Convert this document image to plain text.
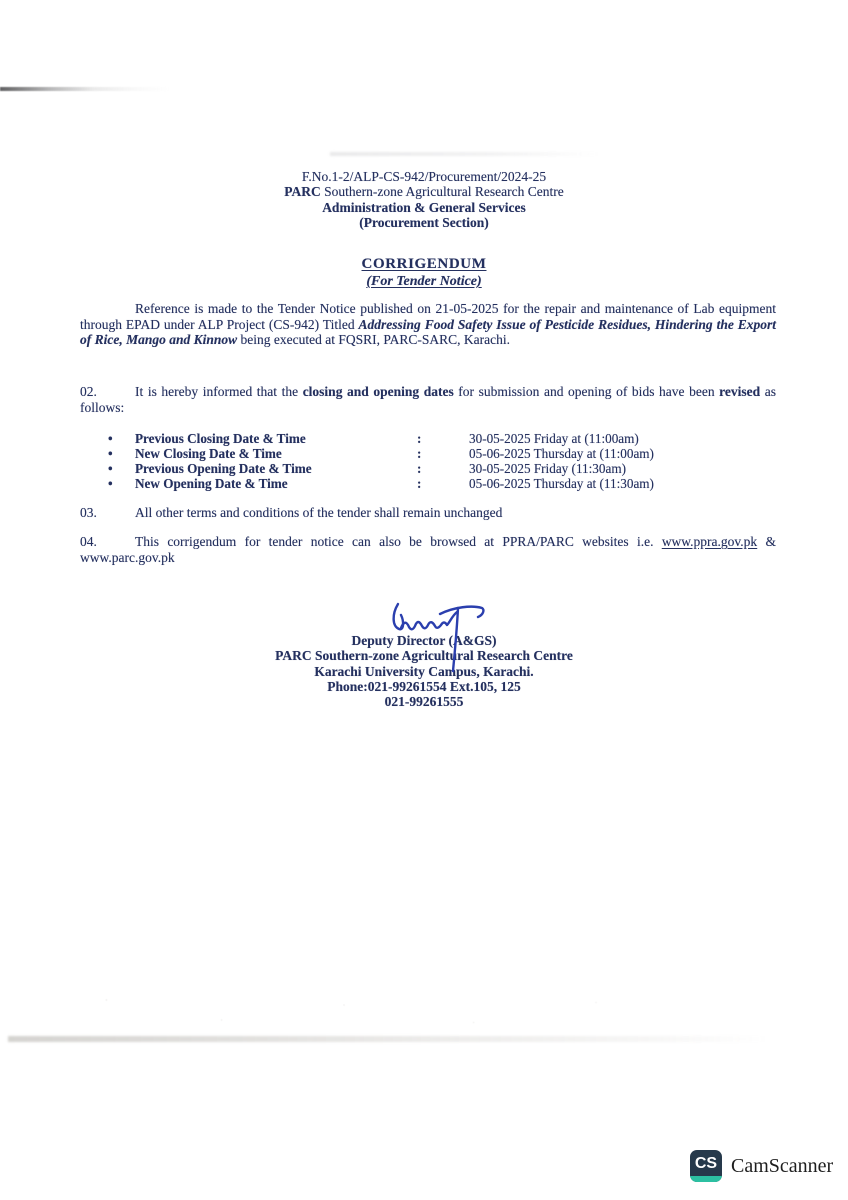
F.No.1-2/ALP-CS-942/Procurement/2024-25
PARC Southern-zone Agricultural Research Centre
Administration & General Services
(Procurement Section)
CORRIGENDUM
(For Tender Notice)

Reference is made to the Tender Notice published on 21-05-2025 for the repair and maintenance of Lab equipment through EPAD under ALP Project (CS-942) Titled Addressing Food Safety Issue of Pesticide Residues, Hindering the Export of Rice, Mango and Kinnow being executed at FQSRI, PARC-SARC, Karachi.

02.	It is hereby informed that the closing and opening dates for submission and opening of bids have been revised as follows:

•	Previous Closing Date & Time	:	30-05-2025 Friday at (11:00am)
•	New Closing Date & Time	:	05-06-2025 Thursday at (11:00am)
•	Previous Opening Date & Time	:	30-05-2025 Friday (11:30am)
•	New Opening Date & Time	:	05-06-2025 Thursday at (11:30am)

03.	All other terms and conditions of the tender shall remain unchanged

04.	This corrigendum for tender notice can also be browsed at PPRA/PARC websites i.e. www.ppra.gov.pk & www.parc.gov.pk

Deputy Director (A&GS)
PARC Southern-zone Agricultural Research Centre
Karachi University Campus, Karachi.
Phone:021-99261554 Ext.105, 125
021-99261555
CS CamScanner
